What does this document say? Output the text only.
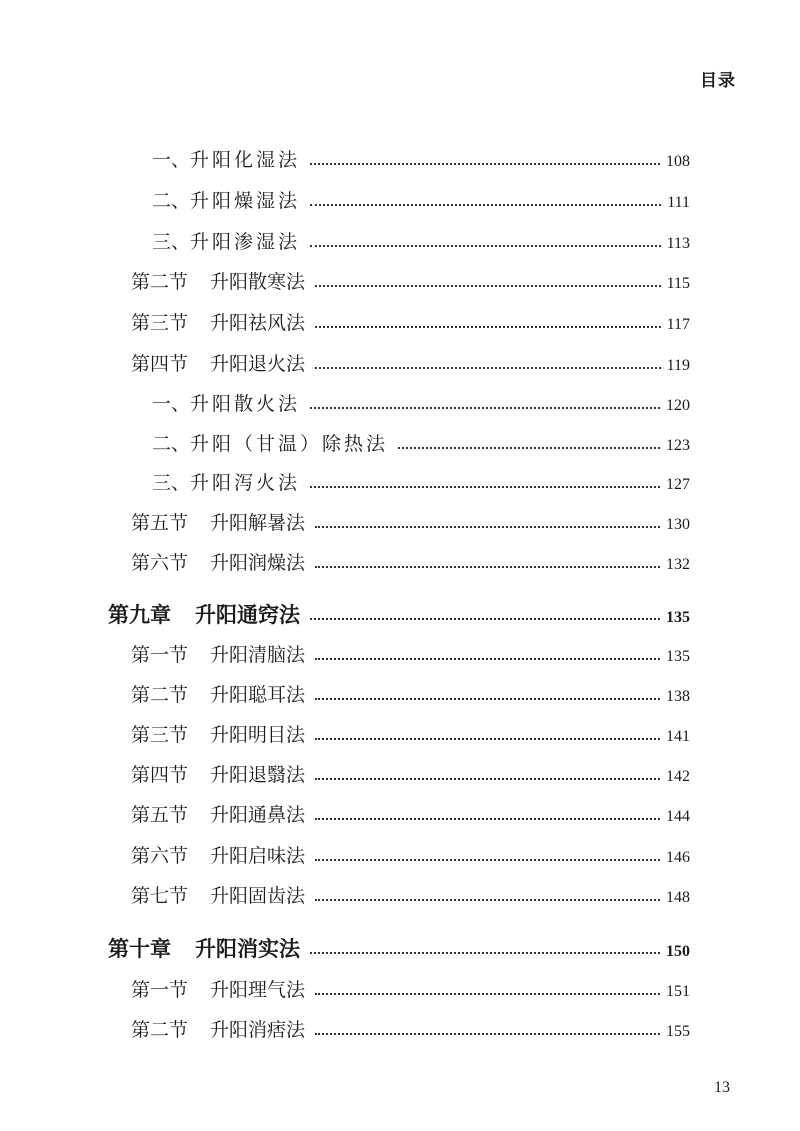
目录
一、 升阳化湿法	108
二、 升阳燥湿法	111
三、 升阳渗湿法	113
第二节 升阳散寒法	115
第三节 升阳祛风法	117
第四节 升阳退火法	119
一、 升阳散火法	120
二、 升阳（甘温）除热法	123
三、 升阳泻火法	127
第五节 升阳解暑法	130
第六节 升阳润燥法	132
第九章 升阳通窍法	135
第一节 升阳清脑法	135
第二节 升阳聪耳法	138
第三节 升阳明目法	141
第四节 升阳退翳法	142
第五节 升阳通鼻法	144
第六节 升阳启味法	146
第七节 升阳固齿法	148
第十章 升阳消实法	150
第一节 升阳理气法	151
第二节 升阳消痞法	155
13
